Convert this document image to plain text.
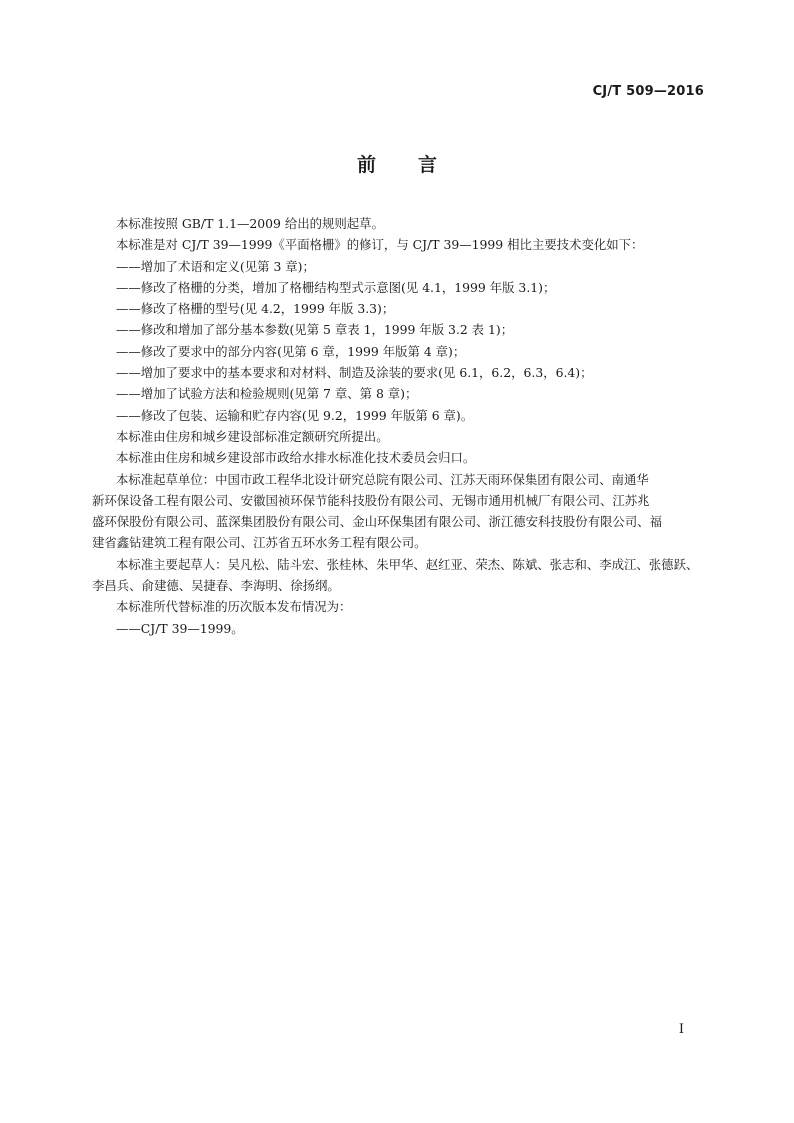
CJ/T 509—2016
前言

本标准按照 GB/T 1.1—2009 给出的规则起草。

本标准是对 CJ/T 39—1999《平面格栅》的修订，与 CJ/T 39—1999 相比主要技术变化如下：

——增加了术语和定义(见第 3 章)；

——修改了格栅的分类，增加了格栅结构型式示意图(见 4.1，1999 年版 3.1)；

——修改了格栅的型号(见 4.2，1999 年版 3.3)；

——修改和增加了部分基本参数(见第 5 章表 1，1999 年版 3.2 表 1)；

——修改了要求中的部分内容(见第 6 章，1999 年版第 4 章)；

——增加了要求中的基本要求和对材料、制造及涂装的要求(见 6.1，6.2，6.3，6.4)；

——增加了试验方法和检验规则(见第 7 章、第 8 章)；

——修改了包装、运输和贮存内容(见 9.2，1999 年版第 6 章)。

本标准由住房和城乡建设部标准定额研究所提出。

本标准由住房和城乡建设部市政给水排水标准化技术委员会归口。

本标准起草单位：中国市政工程华北设计研究总院有限公司、江苏天雨环保集团有限公司、南通华

新环保设备工程有限公司、安徽国祯环保节能科技股份有限公司、无锡市通用机械厂有限公司、江苏兆

盛环保股份有限公司、蓝深集团股份有限公司、金山环保集团有限公司、浙江德安科技股份有限公司、福

建省鑫钻建筑工程有限公司、江苏省五环水务工程有限公司。

本标准主要起草人：吴凡松、陆斗宏、张桂林、朱甲华、赵红亚、荣杰、陈斌、张志和、李成江、张德跃、

李昌兵、俞建德、吴捷春、李海明、徐扬纲。

本标准所代替标准的历次版本发布情况为：

——CJ/T 39—1999。

I
